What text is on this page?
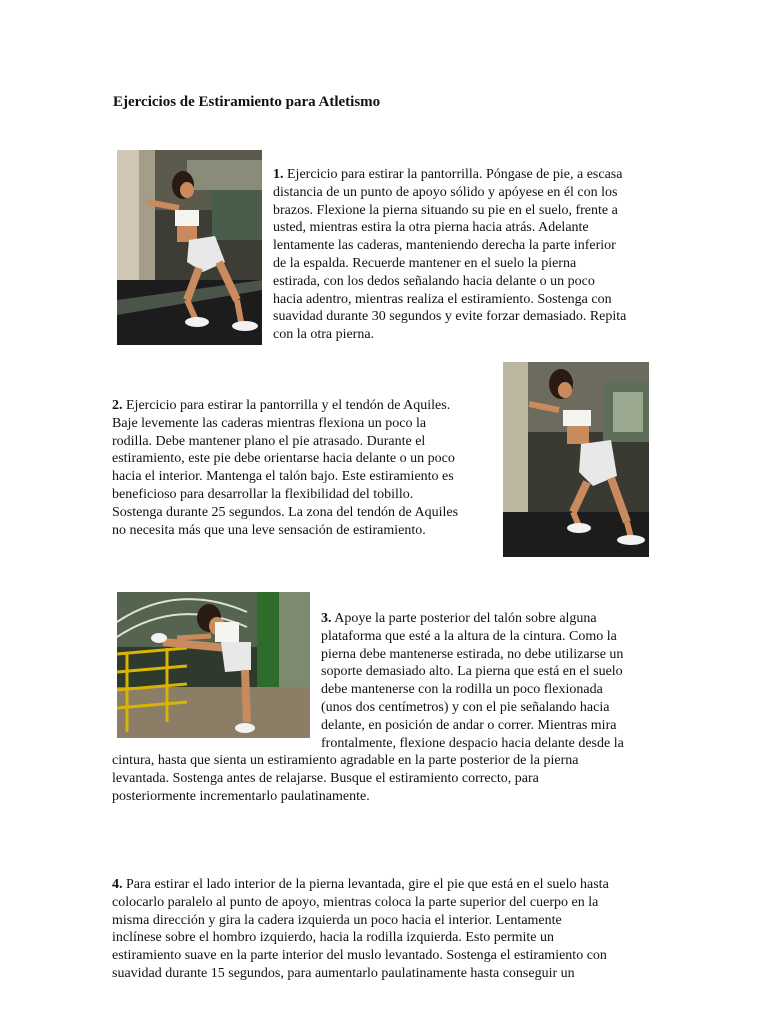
Ejercicios de Estiramiento para Atletismo
1. Ejercicio para estirar la pantorrilla. Póngase de pie, a escasa
distancia de un punto de apoyo sólido y apóyese en él con los
brazos. Flexione la pierna situando su pie en el suelo, frente a
usted, mientras estira la otra pierna hacia atrás. Adelante
lentamente las caderas, manteniendo derecha la parte inferior
de la espalda. Recuerde mantener en el suelo la pierna
estirada, con los dedos señalando hacia delante o un poco
hacia adentro, mientras realiza el estiramiento. Sostenga con
suavidad durante 30 segundos y evite forzar demasiado. Repita
con la otra pierna.
2. Ejercicio para estirar la pantorrilla y el tendón de Aquiles.
Baje levemente las caderas mientras flexiona un poco la
rodilla. Debe mantener plano el pie atrasado. Durante el
estiramiento, este pie debe orientarse hacia delante o un poco
hacia el interior. Mantenga el talón bajo. Este estiramiento es
beneficioso para desarrollar la flexibilidad del tobillo.
Sostenga durante 25 segundos. La zona del tendón de Aquiles
no necesita más que una leve sensación de estiramiento.
3. Apoye la parte posterior del talón sobre alguna
plataforma que esté a la altura de la cintura. Como la
pierna debe mantenerse estirada, no debe utilizarse un
soporte demasiado alto. La pierna que está en el suelo
debe mantenerse con la rodilla un poco flexionada
(unos dos centímetros) y con el pie señalando hacia
delante, en posición de andar o correr. Mientras mira
frontalmente, flexione despacio hacia delante desde la
cintura, hasta que sienta un estiramiento agradable en la parte posterior de la pierna
levantada. Sostenga antes de relajarse. Busque el estiramiento correcto, para
posteriormente incrementarlo paulatinamente.
4. Para estirar el lado interior de la pierna levantada, gire el pie que está en el suelo hasta
colocarlo paralelo al punto de apoyo, mientras coloca la parte superior del cuerpo en la
misma dirección y gira la cadera izquierda un poco hacia el interior. Lentamente
inclínese sobre el hombro izquierdo, hacia la rodilla izquierda. Esto permite un
estiramiento suave en la parte interior del muslo levantado. Sostenga el estiramiento con
suavidad durante 15 segundos, para aumentarlo paulatinamente hasta conseguir un
